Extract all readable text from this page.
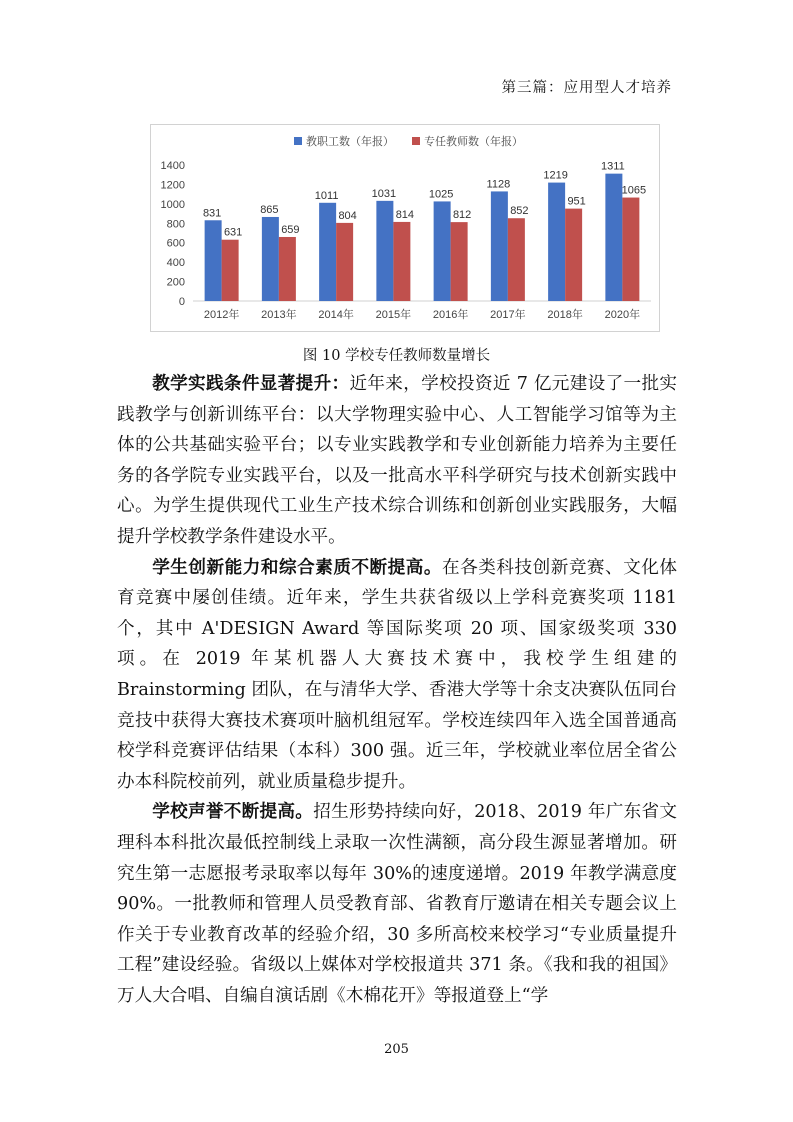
第三篇：应用型人才培养
教职工数（年报）	专任教师数（年报）
0
200
400
600
800
1000
1200
1400
831
631
2012年
865
659
2013年
1011
804
2014年
1031
814
2015年
1025
812
2016年
1128
852
2017年
1219
951
2018年
1311
1065
2020年
图 10 学校专任教师数量增长

教学实践条件显著提升：近年来，学校投资近 7 亿元建设了一批实践教学与创新训练平台：以大学物理实验中心、人工智能学习馆等为主体的公共基础实验平台；以专业实践教学和专业创新能力培养为主要任务的各学院专业实践平台，以及一批高水平科学研究与技术创新实践中心。为学生提供现代工业生产技术综合训练和创新创业实践服务，大幅提升学校教学条件建设水平。

学生创新能力和综合素质不断提高。在各类科技创新竞赛、文化体育竞赛中屡创佳绩。近年来，学生共获省级以上学科竞赛奖项 1181 个，其中 A'DESIGN Award 等国际奖项 20 项、国家级奖项 330 项。在 2019 年某机器人大赛技术赛中，我校学生组建的 Brainstorming 团队，在与清华大学、香港大学等十余支决赛队伍同台竞技中获得大赛技术赛项叶脑机组冠军。学校连续四年入选全国普通高校学科竞赛评估结果（本科）300 强。近三年，学校就业率位居全省公办本科院校前列，就业质量稳步提升。

学校声誉不断提高。招生形势持续向好，2018、2019 年广东省文理科本科批次最低控制线上录取一次性满额，高分段生源显著增加。研究生第一志愿报考录取率以每年 30%的速度递增。2019 年教学满意度 90%。一批教师和管理人员受教育部、省教育厅邀请在相关专题会议上作关于专业教育改革的经验介绍，30 多所高校来校学习“专业质量提升工程”建设经验。省级以上媒体对学校报道共 371 条。《我和我的祖国》万人大合唱、自编自演话剧《木棉花开》等报道登上“学

205
